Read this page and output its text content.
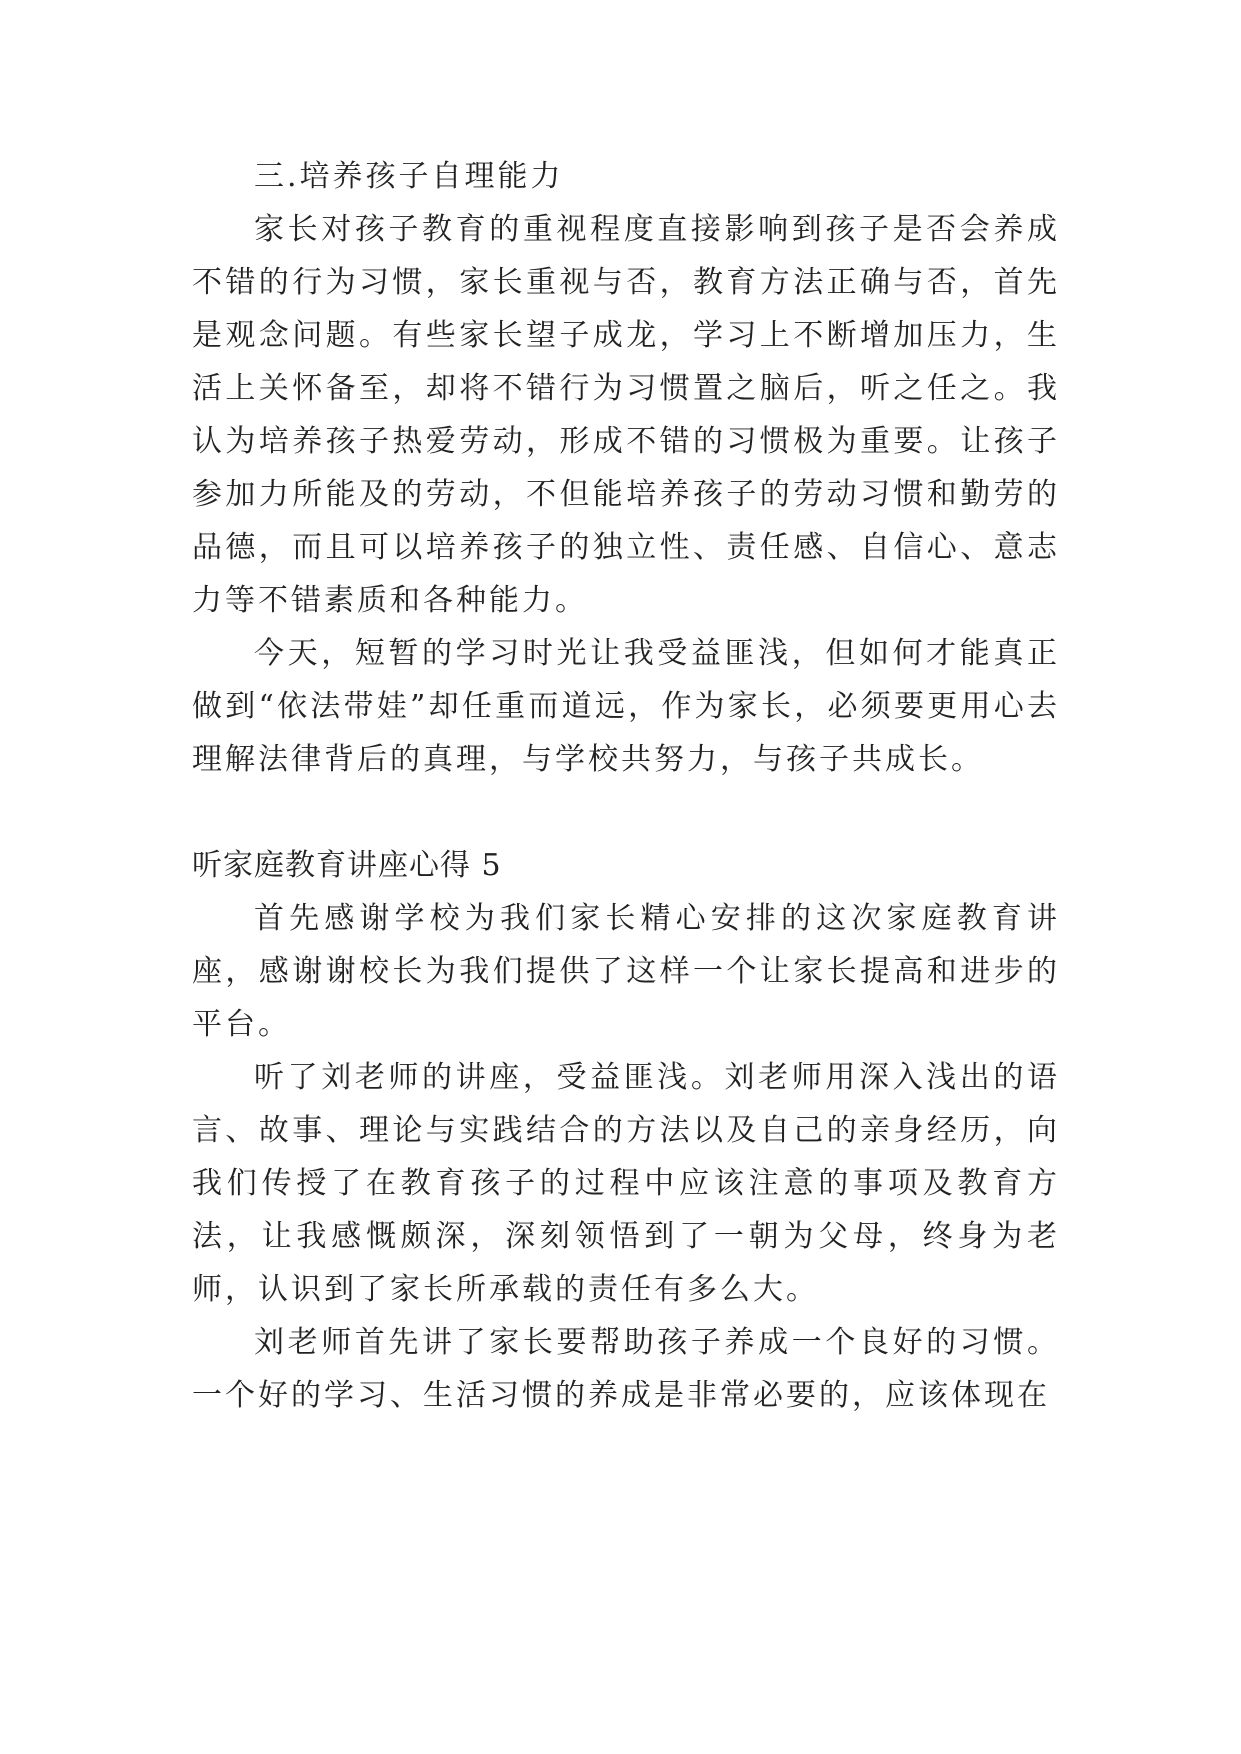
三.培养孩子自理能力

家长对孩子教育的重视程度直接影响到孩子是否会养成不错的行为习惯，家长重视与否，教育方法正确与否，首先是观念问题。有些家长望子成龙，学习上不断增加压力，生活上关怀备至，却将不错行为习惯置之脑后，听之任之。我认为培养孩子热爱劳动，形成不错的习惯极为重要。让孩子参加力所能及的劳动，不但能培养孩子的劳动习惯和勤劳的品德，而且可以培养孩子的独立性、责任感、自信心、意志力等不错素质和各种能力。

今天，短暂的学习时光让我受益匪浅，但如何才能真正做到“依法带娃”却任重而道远，作为家长，必须要更用心去理解法律背后的真理，与学校共努力，与孩子共成长。

听家庭教育讲座心得 5

首先感谢学校为我们家长精心安排的这次家庭教育讲座，感谢谢校长为我们提供了这样一个让家长提高和进步的平台。

听了刘老师的讲座，受益匪浅。刘老师用深入浅出的语言、故事、理论与实践结合的方法以及自己的亲身经历，向我们传授了在教育孩子的过程中应该注意的事项及教育方法，让我感慨颇深，深刻领悟到了一朝为父母，终身为老师，认识到了家长所承载的责任有多么大。

刘老师首先讲了家长要帮助孩子养成一个良好的习惯。一个好的学习、生活习惯的养成是非常必要的，应该体现在
